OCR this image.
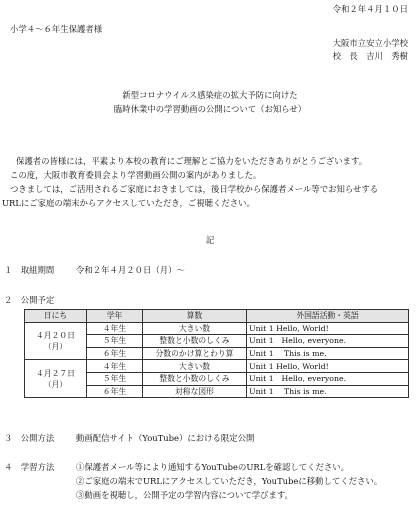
令和２年４月１０日
小学４～６年生保護者様
大阪市立安立小学校
校　長　吉川　秀樹
新型コロナウイルス感染症の拡大予防に向けた
臨時休業中の学習動画の公開について（お知らせ）
保護者の皆様には，平素より本校の教育にご理解とご協力をいただきありがとうございます。
この度，大阪市教育委員会より学習動画公開の案内がありました。
つきましては，ご活用されるご家庭におきましては，後日学校から保護者メール等でお知らせする
URLにご家庭の端末からアクセスしていただき，ご視聴ください。
記
１　取組期間	令和２年４月２０日（月）～
２　公開予定
日にち	学年	算数	外国語活動・英語
４月２０日
（月）	４年生	大きい数	Unit 1 Hello, World!
	５年生	整数と小数のしくみ	Unit 1　Hello, everyone.
	６年生	分数のかけ算とわり算	Unit 1　 This is me.
４月２７日
（月）	４年生	大きい数	Unit 1 Hello, World!
	５年生	整数と小数のしくみ	Unit 1　Hello, everyone.
	６年生	対称な図形	Unit 1　 This is me.
３　公開方法	動画配信サイト（YouTube）における限定公開
４　学習方法	①保護者メール等により通知するYouTubeのURLを確認してください。
②ご家庭の端末でURLにアクセスしていただき，YouTubeに移動してください。
③動画を視聴し，公開予定の学習内容について学びます。
